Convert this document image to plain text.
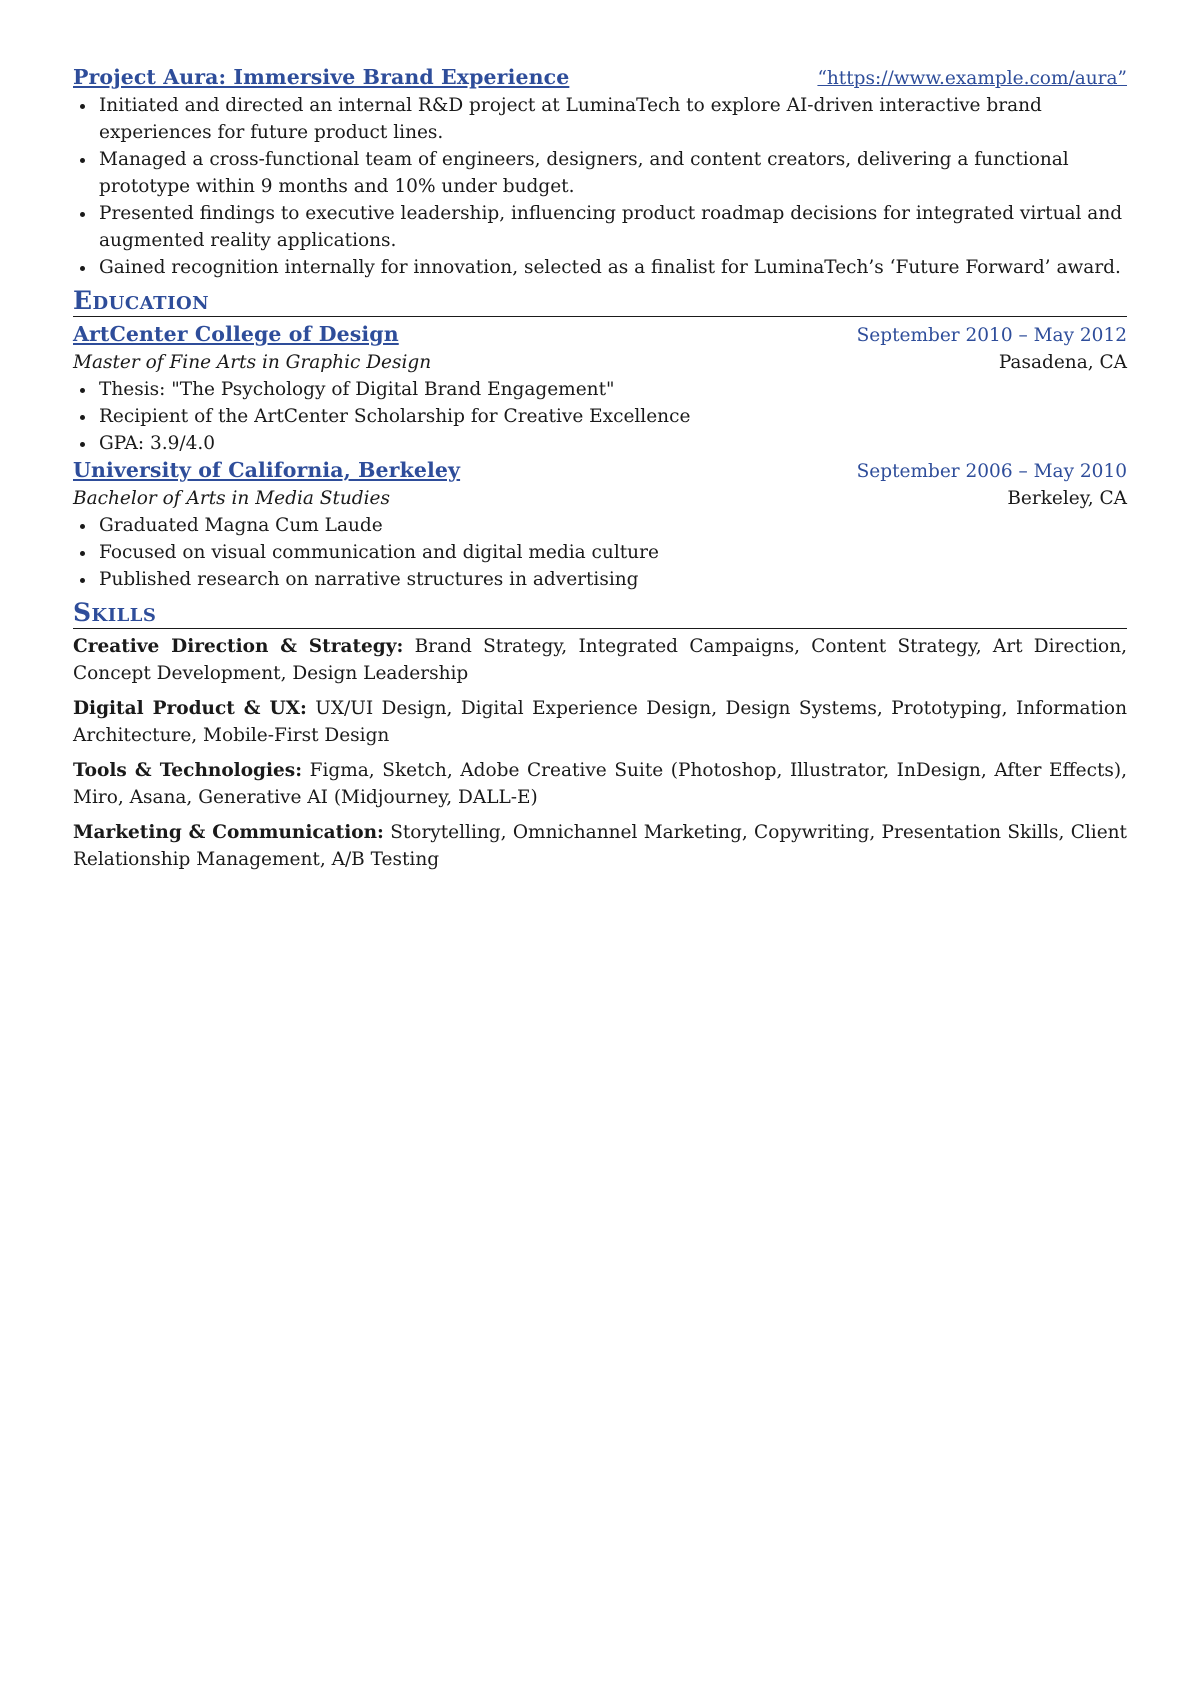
Project Aura: Immersive Brand Experience	“https://www.example.com/aura”
Initiated and directed an internal R&D project at LuminaTech to explore AI-driven interactive brand experiences for future product lines.
Managed a cross-functional team of engineers, designers, and content creators, delivering a functional prototype within 9 months and 10% under budget.
Presented findings to executive leadership, influencing product roadmap decisions for integrated virtual and augmented reality applications.
Gained recognition internally for innovation, selected as a finalist for LuminaTech’s ‘Future Forward’ award.
Education
ArtCenter College of Design	September 2010 – May 2012
Master of Fine Arts in Graphic Design	Pasadena, CA
Thesis: "The Psychology of Digital Brand Engagement"
Recipient of the ArtCenter Scholarship for Creative Excellence
GPA: 3.9/4.0
University of California, Berkeley	September 2006 – May 2010
Bachelor of Arts in Media Studies	Berkeley, CA
Graduated Magna Cum Laude
Focused on visual communication and digital media culture
Published research on narrative structures in advertising
Skills
Creative Direction & Strategy: Brand Strategy, Integrated Campaigns, Content Strategy, Art Direction, Concept Development, Design Leadership
Digital Product & UX: UX/UI Design, Digital Experience Design, Design Systems, Prototyping, Information Architecture, Mobile-First Design
Tools & Technologies: Figma, Sketch, Adobe Creative Suite (Photoshop, Illustrator, InDesign, After Effects), Miro, Asana, Generative AI (Midjourney, DALL-E)
Marketing & Communication: Storytelling, Omnichannel Marketing, Copywriting, Presentation Skills, Client Relationship Management, A/B Testing
